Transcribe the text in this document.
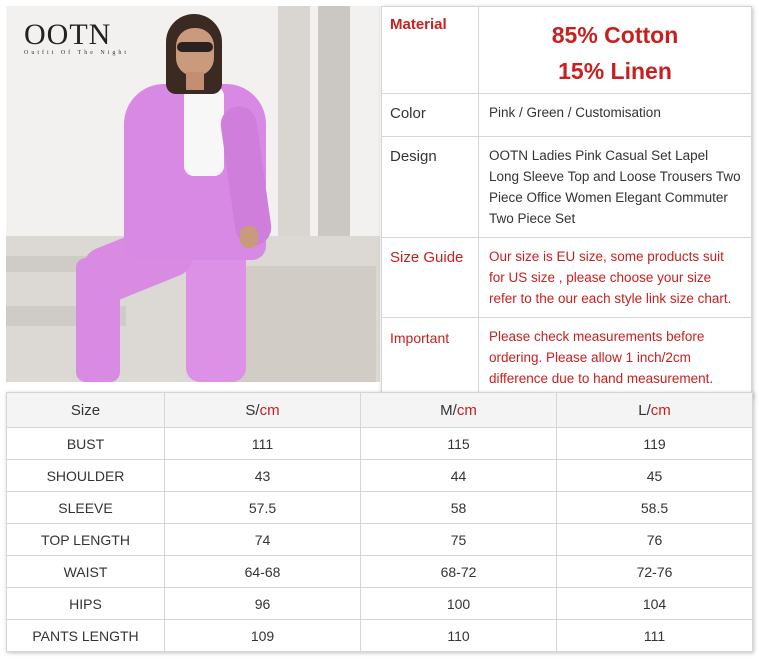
OOTN
Outfit Of The Night
Material	85% Cotton
15% Linen

Color	Pink / Green / Customisation
Design	OOTN Ladies Pink Casual Set Lapel Long Sleeve Top and Loose Trousers Two Piece Office Women Elegant Commuter Two Piece Set
Size Guide	Our size is EU size, some products suit for US size , please choose your size refer to the our each style link size chart.
Important	Please check measurements before ordering. Please allow 1 inch/2cm difference due to hand measurement.
Size	S/cm	M/cm	L/cm
BUST	111	115	119
SHOULDER	43	44	45
SLEEVE	57.5	58	58.5
TOP LENGTH	74	75	76
WAIST	64-68	68-72	72-76
HIPS	96	100	104
PANTS LENGTH	109	110	111
